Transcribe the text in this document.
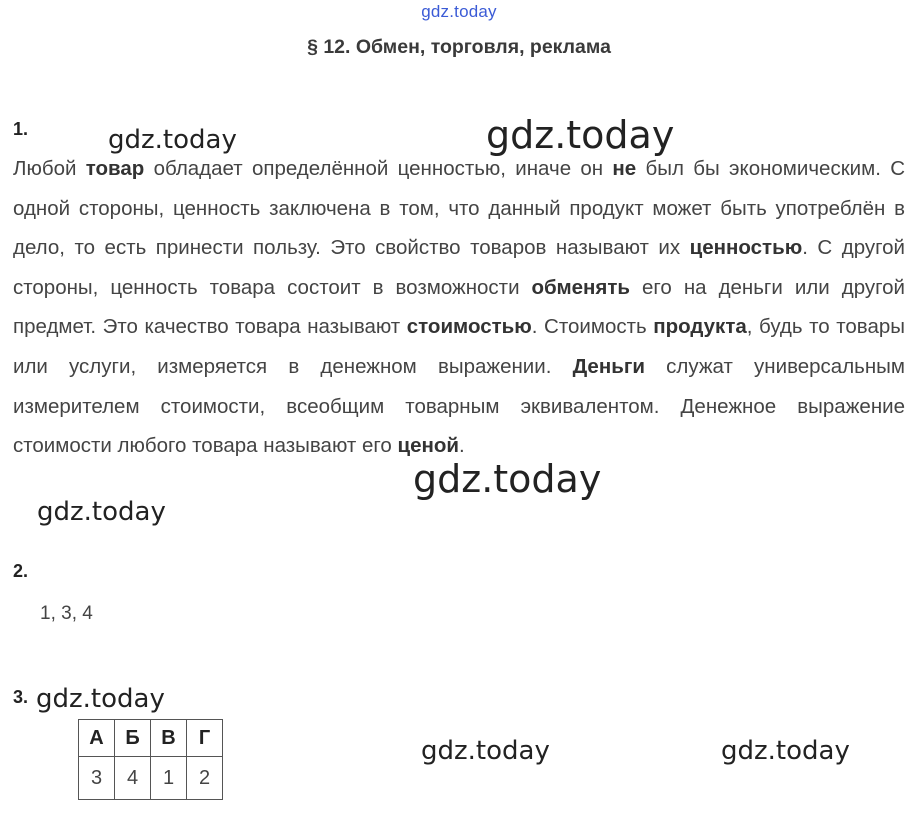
gdz.today
§ 12. Обмен, торговля, реклама
1.	gdz.today	gdz.today
Любой товар обладает определённой ценностью, иначе он не был бы экономическим. С одной стороны, ценность заключена в том, что данный продукт может быть употреблён в дело, то есть принести пользу. Это свойство товаров называют их ценностью. С другой стороны, ценность товара состоит в возможности обменять его на деньги или другой предмет. Это качество товара называют стоимостью. Стоимость продукта, будь то товары или услуги, измеряется в денежном выражении. Деньги служат универсальным измерителем стоимости, всеобщим товарным эквивалентом. Денежное выражение стоимости любого товара называют его ценой.
gdz.today
gdz.today
2.
1, 3, 4
3. gdz.today
А	Б	В	Г
3	4	1	2
gdz.today	gdz.today
